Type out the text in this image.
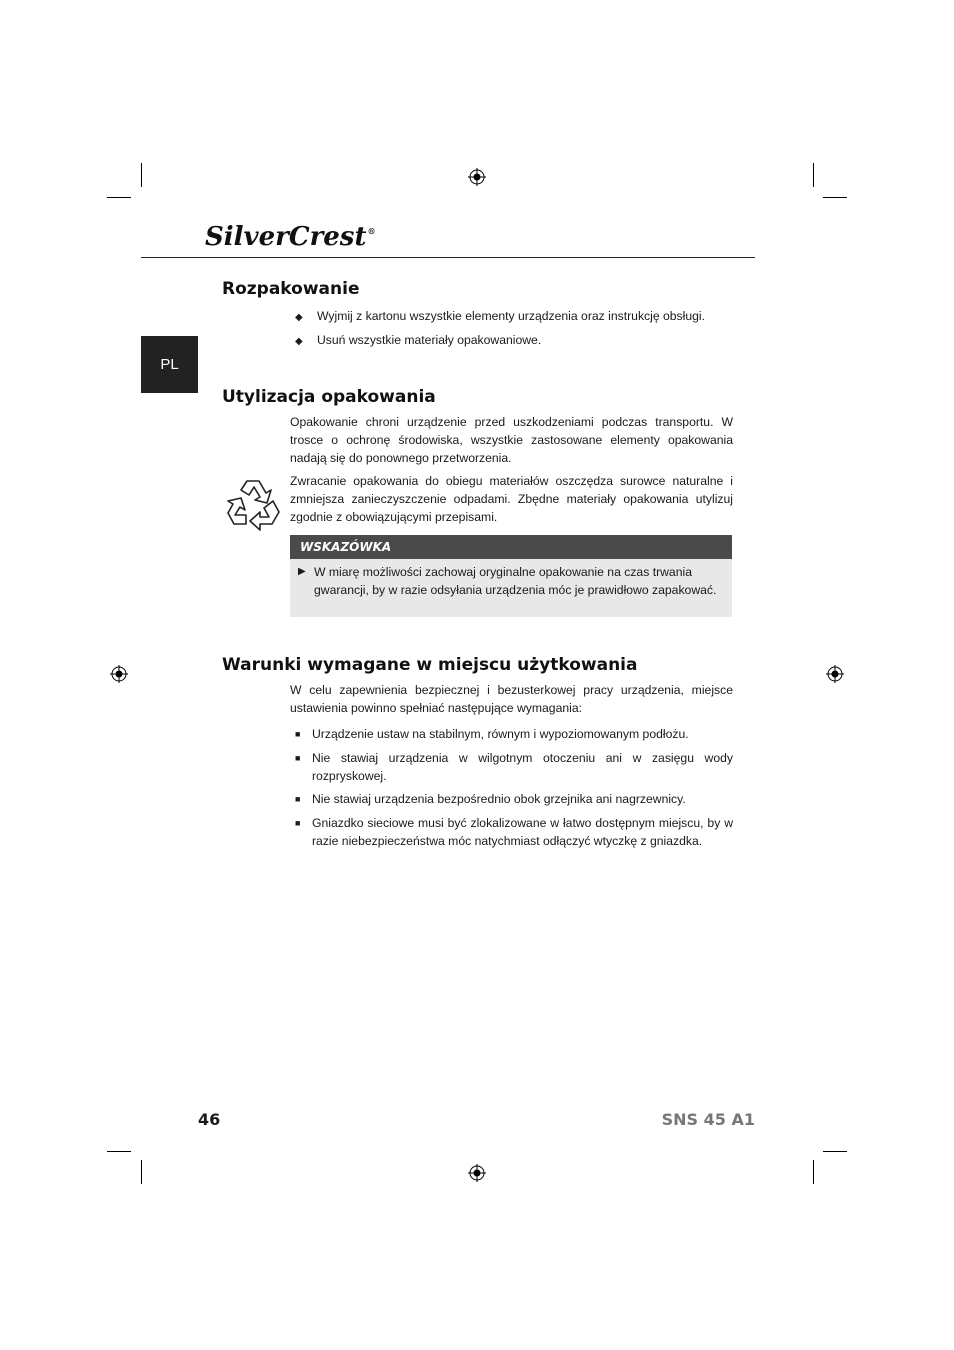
SilverCrest®
PL
Rozpakowanie
◆ Wyjmij z kartonu wszystkie elementy urządzenia oraz instrukcję obsługi.
◆ Usuń wszystkie materiały opakowaniowe.
Utylizacja opakowania
Opakowanie chroni urządzenie przed uszkodzeniami podczas transportu. W trosce o ochronę środowiska, wszystkie zastosowane elementy opakowania nadają się do ponownego przetworzenia.
Zwracanie opakowania do obiegu materiałów oszczędza surowce naturalne i zmniejsza zanieczyszczenie odpadami. Zbędne materiały opakowania utylizuj zgodnie z obowiązującymi przepisami.
WSKAZÓWKA
▶ W miarę możliwości zachowaj oryginalne opakowanie na czas trwania gwarancji, by w razie odsyłania urządzenia móc je prawidłowo zapakować.
Warunki wymagane w miejscu użytkowania
W celu zapewnienia bezpiecznej i bezusterkowej pracy urządzenia, miejsce ustawienia powinno spełniać następujące wymagania:
■ Urządzenie ustaw na stabilnym, równym i wypoziomowanym podłożu.
■ Nie stawiaj urządzenia w wilgotnym otoczeniu ani w zasięgu wody rozpryskowej.
■ Nie stawiaj urządzenia bezpośrednio obok grzejnika ani nagrzewnicy.
■ Gniazdko sieciowe musi być zlokalizowane w łatwo dostępnym miejscu, by w razie niebezpieczeństwa móc natychmiast odłączyć wtyczkę z gniazdka.
46	SNS 45 A1
